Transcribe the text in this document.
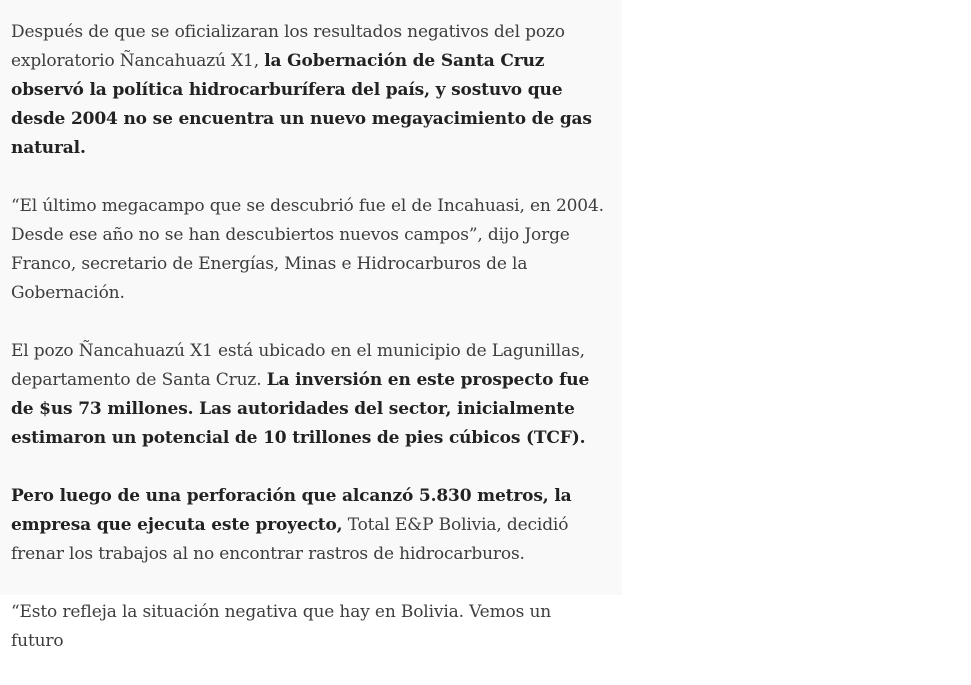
Después de que se oficializaran los resultados negativos del pozo exploratorio Ñancahuazú X1, la Gobernación de Santa Cruz observó la política hidrocarburífera del país, y sostuvo que desde 2004 no se encuentra un nuevo megayacimiento de gas natural.

“El último megacampo que se descubrió fue el de Incahuasi, en 2004. Desde ese año no se han descubiertos nuevos campos”, dijo Jorge Franco, secretario de Energías, Minas e Hidrocarburos de la Gobernación.

El pozo Ñancahuazú X1 está ubicado en el municipio de Lagunillas, departamento de Santa Cruz. La inversión en este prospecto fue de $us 73 millones. Las autoridades del sector, inicialmente estimaron un potencial de 10 trillones de pies cúbicos (TCF).

Pero luego de una perforación que alcanzó 5.830 metros, la empresa que ejecuta este proyecto, Total E&P Bolivia, decidió frenar los trabajos al no encontrar rastros de hidrocarburos.

“Esto refleja la situación negativa que hay en Bolivia. Vemos un futuro
